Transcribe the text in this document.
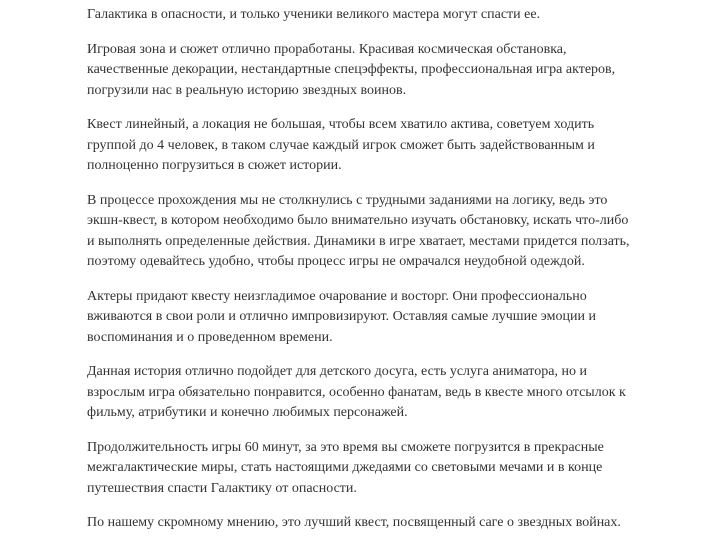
Галактика в опасности, и только ученики великого мастера могут спасти ее.

Игровая зона и сюжет отлично проработаны. Красивая космическая обстановка,
качественные декорации, нестандартные спецэффекты, профессиональная игра актеров,
погрузили нас в реальную историю звездных воинов.

Квест линейный, а локация не большая, чтобы всем хватило актива, советуем ходить
группой до 4 человек, в таком случае каждый игрок сможет быть задействованным и
полноценно погрузиться в сюжет истории.

В процессе прохождения мы не столкнулись с трудными заданиями на логику, ведь это
экшн-квест, в котором необходимо было внимательно изучать обстановку, искать что-либо
и выполнять определенные действия. Динамики в игре хватает, местами придется ползать,
поэтому одевайтесь удобно, чтобы процесс игры не омрачался неудобной одеждой.

Актеры придают квесту неизгладимое очарование и восторг. Они профессионально
вживаются в свои роли и отлично импровизируют. Оставляя самые лучшие эмоции и
воспоминания и о проведенном времени.

Данная история отлично подойдет для детского досуга, есть услуга аниматора, но и
взрослым игра обязательно понравится, особенно фанатам, ведь в квесте много отсылок к
фильму, атрибутики и конечно любимых персонажей.

Продолжительность игры 60 минут, за это время вы сможете погрузится в прекрасные
межгалактические миры, стать настоящими джедаями со световыми мечами и в конце
путешествия спасти Галактику от опасности.

По нашему скромному мнению, это лучший квест, посвященный саге о звездных войнах.
